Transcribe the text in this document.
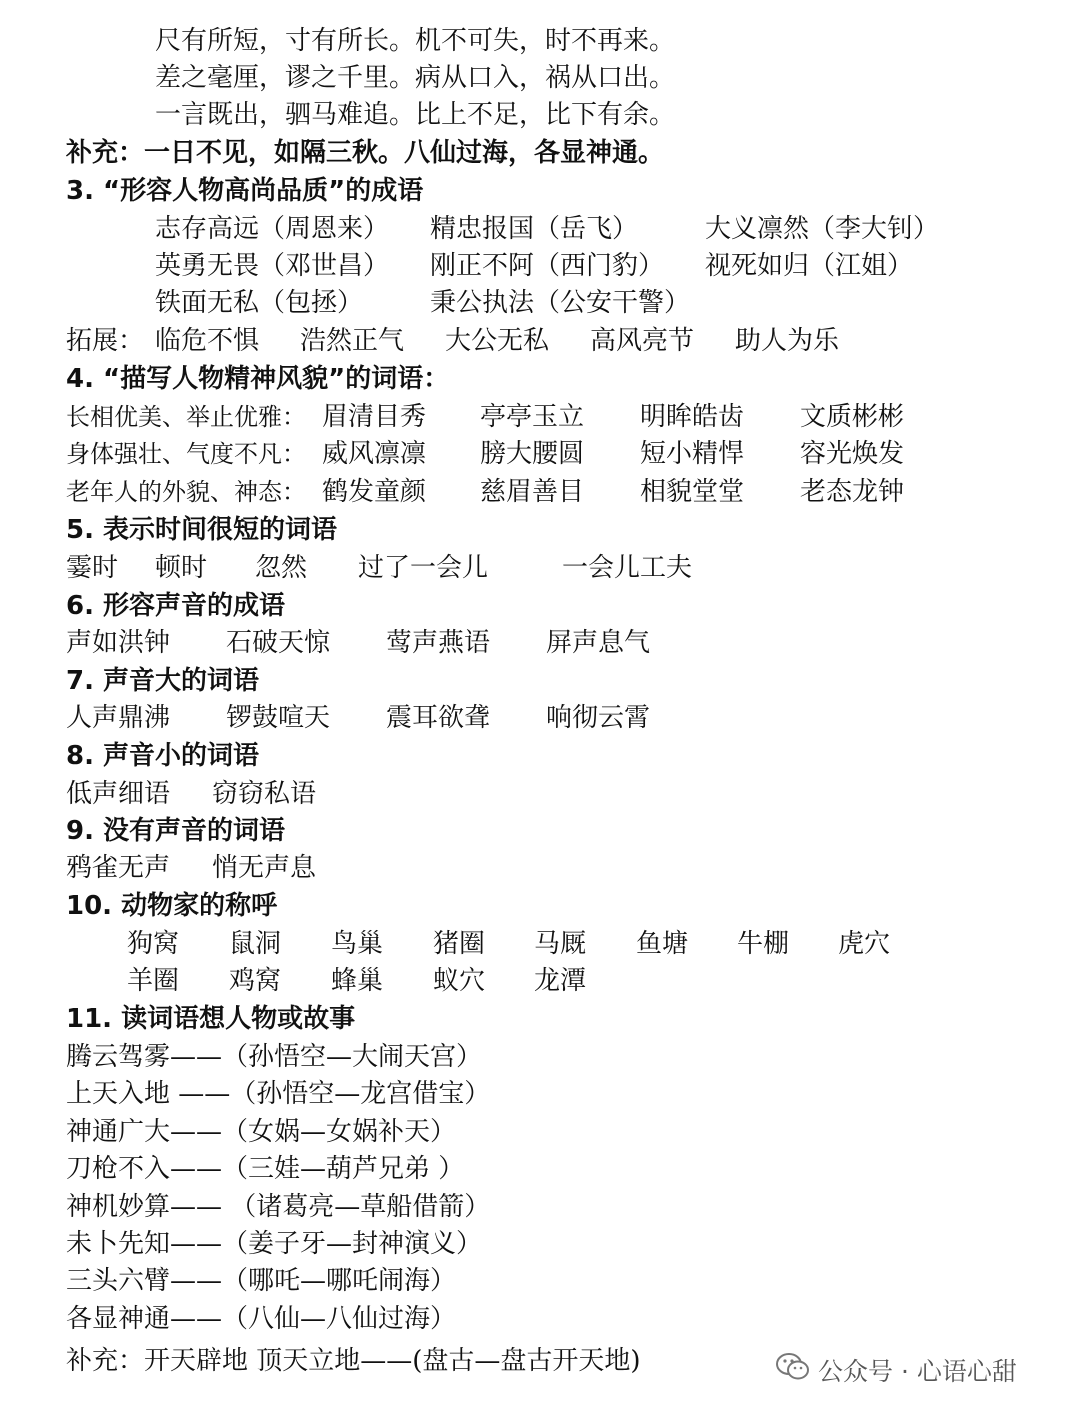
尺有所短，寸有所长。机不可失，时不再来。
差之毫厘，谬之千里。病从口入，祸从口出。
一言既出，驷马难追。比上不足，比下有余。
补充：一日不见，如隔三秋。八仙过海，各显神通。
3. “形容人物高尚品质”的成语
志存高远（周恩来） 精忠报国（岳飞）	大义凛然（李大钊）
英勇无畏（邓世昌） 刚正不阿（西门豹） 视死如归（江姐）
铁面无私（包拯）	秉公执法（公安干警）
拓展： 临危不惧 浩然正气 大公无私 高风亮节 助人为乐
4. “描写人物精神风貌”的词语：
长相优美、举止优雅： 眉清目秀 亭亭玉立 明眸皓齿 文质彬彬
身体强壮、气度不凡： 威风凛凛 膀大腰圆 短小精悍 容光焕发
老年人的外貌、神态： 鹤发童颜 慈眉善目 相貌堂堂 老态龙钟
5. 表示时间很短的词语
霎时 顿时 忽然 过了一会儿	一会儿工夫
6. 形容声音的成语
声如洪钟 石破天惊 莺声燕语 屏声息气
7. 声音大的词语
人声鼎沸 锣鼓喧天 震耳欲聋 响彻云霄
8. 声音小的词语
低声细语 窃窃私语
9. 没有声音的词语
鸦雀无声 悄无声息
10. 动物家的称呼
狗窝 鼠洞 鸟巢 猪圈 马厩 鱼塘 牛棚 虎穴
羊圈 鸡窝 蜂巢 蚁穴 龙潭
11. 读词语想人物或故事
腾云驾雾——（孙悟空—大闹天宫）
上天入地 ——（孙悟空—龙宫借宝）
神通广大——（女娲—女娲补天）
刀枪不入——（三娃—葫芦兄弟 ）
神机妙算—— （诸葛亮—草船借箭）
未卜先知——（姜子牙—封神演义）
三头六臂——（哪吒—哪吒闹海）
各显神通——（八仙—八仙过海）
补充：开天辟地 顶天立地——(盘古—盘古开天地)	公众号 · 心语心甜
